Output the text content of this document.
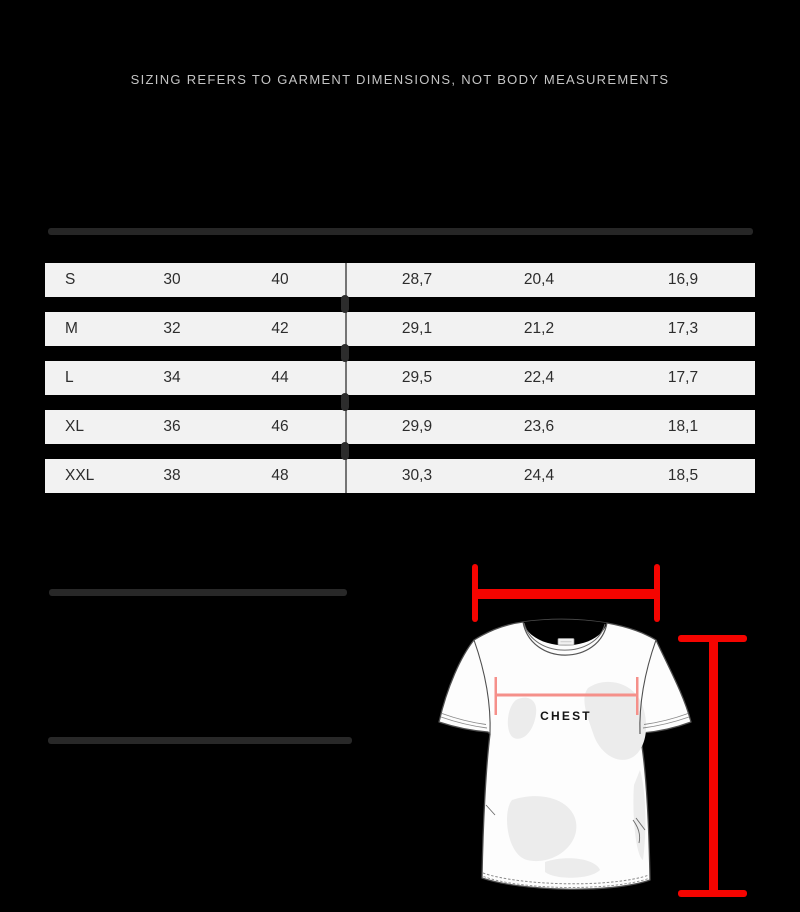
SIZING REFERS TO GARMENT DIMENSIONS, NOT BODY MEASUREMENTS
S	30	40	28,7	20,4	16,9
M	32	42	29,1	21,2	17,3
L	34	44	29,5	22,4	17,7
XL	36	46	29,9	23,6	18,1
XXL	38	48	30,3	24,4	18,5
CHEST
